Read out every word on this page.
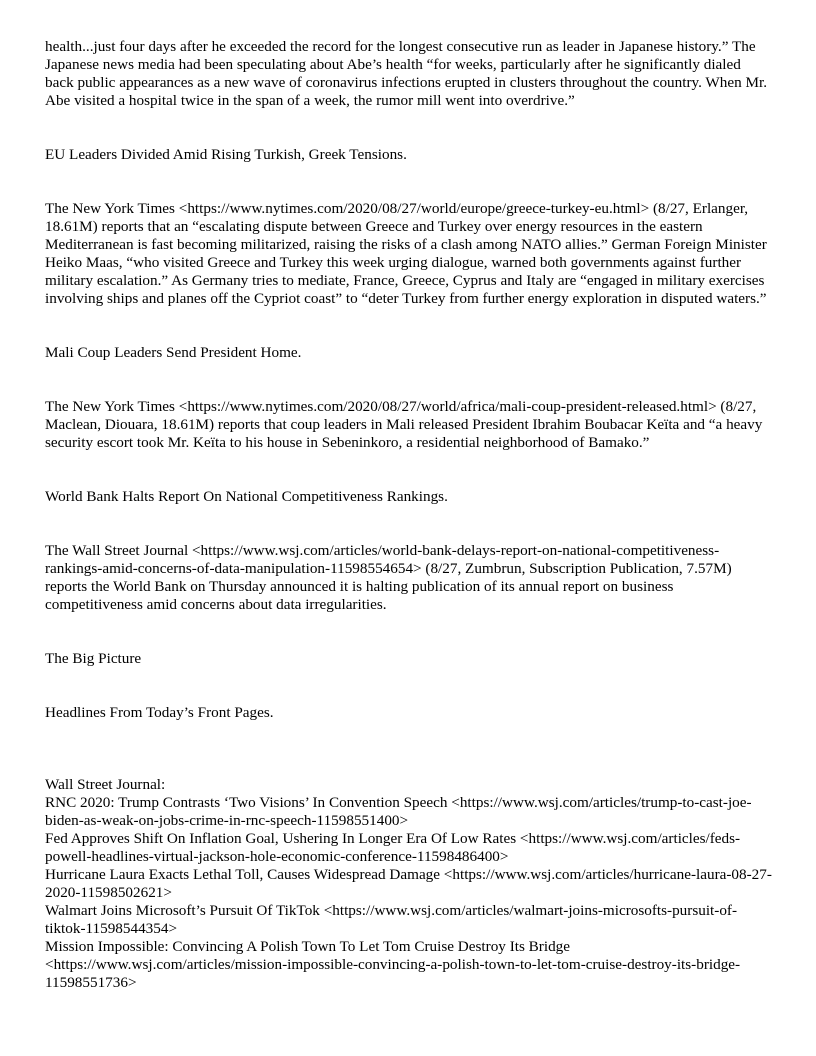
health...just four days after he exceeded the record for the longest consecutive run as leader in Japanese history.” The Japanese news media had been speculating about Abe’s health “for weeks, particularly after he significantly dialed back public appearances as a new wave of coronavirus infections erupted in clusters throughout the country. When Mr. Abe visited a hospital twice in the span of a week, the rumor mill went into overdrive.”

EU Leaders Divided Amid Rising Turkish, Greek Tensions.

The New York Times <https://www.nytimes.com/2020/08/27/world/europe/greece-turkey-eu.html> (8/27, Erlanger, 18.61M) reports that an “escalating dispute between Greece and Turkey over energy resources in the eastern Mediterranean is fast becoming militarized, raising the risks of a clash among NATO allies.” German Foreign Minister Heiko Maas, “who visited Greece and Turkey this week urging dialogue, warned both governments against further military escalation.” As Germany tries to mediate, France, Greece, Cyprus and Italy are “engaged in military exercises involving ships and planes off the Cypriot coast” to “deter Turkey from further energy exploration in disputed waters.”

Mali Coup Leaders Send President Home.

The New York Times <https://www.nytimes.com/2020/08/27/world/africa/mali-coup-president-released.html> (8/27, Maclean, Diouara, 18.61M) reports that coup leaders in Mali released President Ibrahim Boubacar Keïta and “a heavy security escort took Mr. Keïta to his house in Sebeninkoro, a residential neighborhood of Bamako.”

World Bank Halts Report On National Competitiveness Rankings.

The Wall Street Journal <https://www.wsj.com/articles/world-bank-delays-report-on-national-competitiveness-rankings-amid-concerns-of-data-manipulation-11598554654> (8/27, Zumbrun, Subscription Publication, 7.57M) reports the World Bank on Thursday announced it is halting publication of its annual report on business competitiveness amid concerns about data irregularities.

The Big Picture

Headlines From Today’s Front Pages.

Wall Street Journal:

RNC 2020: Trump Contrasts ‘Two Visions’ In Convention Speech <https://www.wsj.com/articles/trump-to-cast-joe-biden-as-weak-on-jobs-crime-in-rnc-speech-11598551400>

Fed Approves Shift On Inflation Goal, Ushering In Longer Era Of Low Rates <https://www.wsj.com/articles/feds-powell-headlines-virtual-jackson-hole-economic-conference-11598486400>

Hurricane Laura Exacts Lethal Toll, Causes Widespread Damage <https://www.wsj.com/articles/hurricane-laura-08-27-2020-11598502621>

Walmart Joins Microsoft’s Pursuit Of TikTok <https://www.wsj.com/articles/walmart-joins-microsofts-pursuit-of-tiktok-11598544354>

Mission Impossible: Convincing A Polish Town To Let Tom Cruise Destroy Its Bridge <https://www.wsj.com/articles/mission-impossible-convincing-a-polish-town-to-let-tom-cruise-destroy-its-bridge-11598551736>
